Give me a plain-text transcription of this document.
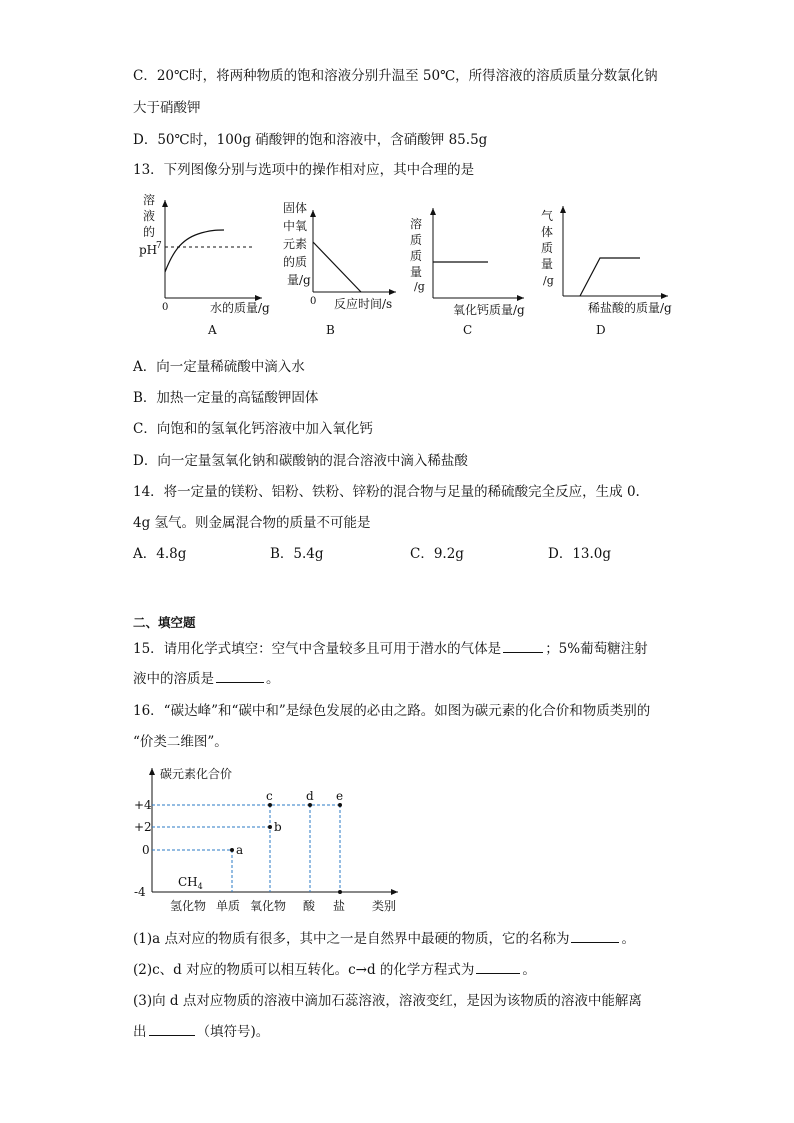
C．20℃时，将两种物质的饱和溶液分别升温至 50℃，所得溶液的溶质质量分数氯化钠
大于硝酸钾
D．50℃时，100g 硝酸钾的饱和溶液中，含硝酸钾 85.5g
13．下列图像分别与选项中的操作相对应，其中合理的是
溶
液
的
pH
7
0	水的质量/g
A
固体
中氧
元素
的质
量/g
0 反应时间/s
B
溶
质
质
量
/g
氧化钙质量/g
C
气
体
质
量
/g
稀盐酸的质量/g
D
A．向一定量稀硫酸中滴入水
B．加热一定量的高锰酸钾固体
C．向饱和的氢氧化钙溶液中加入氧化钙
D．向一定量氢氧化钠和碳酸钠的混合溶液中滴入稀盐酸
14．将一定量的镁粉、铝粉、铁粉、锌粉的混合物与足量的稀硫酸完全反应，生成 0.
4g 氢气。则金属混合物的质量不可能是
A．4.8g	B．5.4g	C．9.2g	D．13.0g
二、填空题
15．请用化学式填空：空气中含量较多且可用于潜水的气体是	；5%葡萄糖注射
液中的溶质是	。
16．“碳达峰”和“碳中和”是绿色发展的必由之路。如图为碳元素的化合价和物质类别的
“价类二维图”。
碳元素化合价
+4
+2
0
-4
a
b
c	d e
$CH_4$
氢化物 单质 氧化物 酸 盐 类别
(1)a 点对应的物质有很多，其中之一是自然界中最硬的物质，它的名称为	。
(2)c、d 对应的物质可以相互转化。c→d 的化学方程式为	。
(3)向 d 点对应物质的溶液中滴加石蕊溶液，溶液变红，是因为该物质的溶液中能解离
出	（填符号)。
